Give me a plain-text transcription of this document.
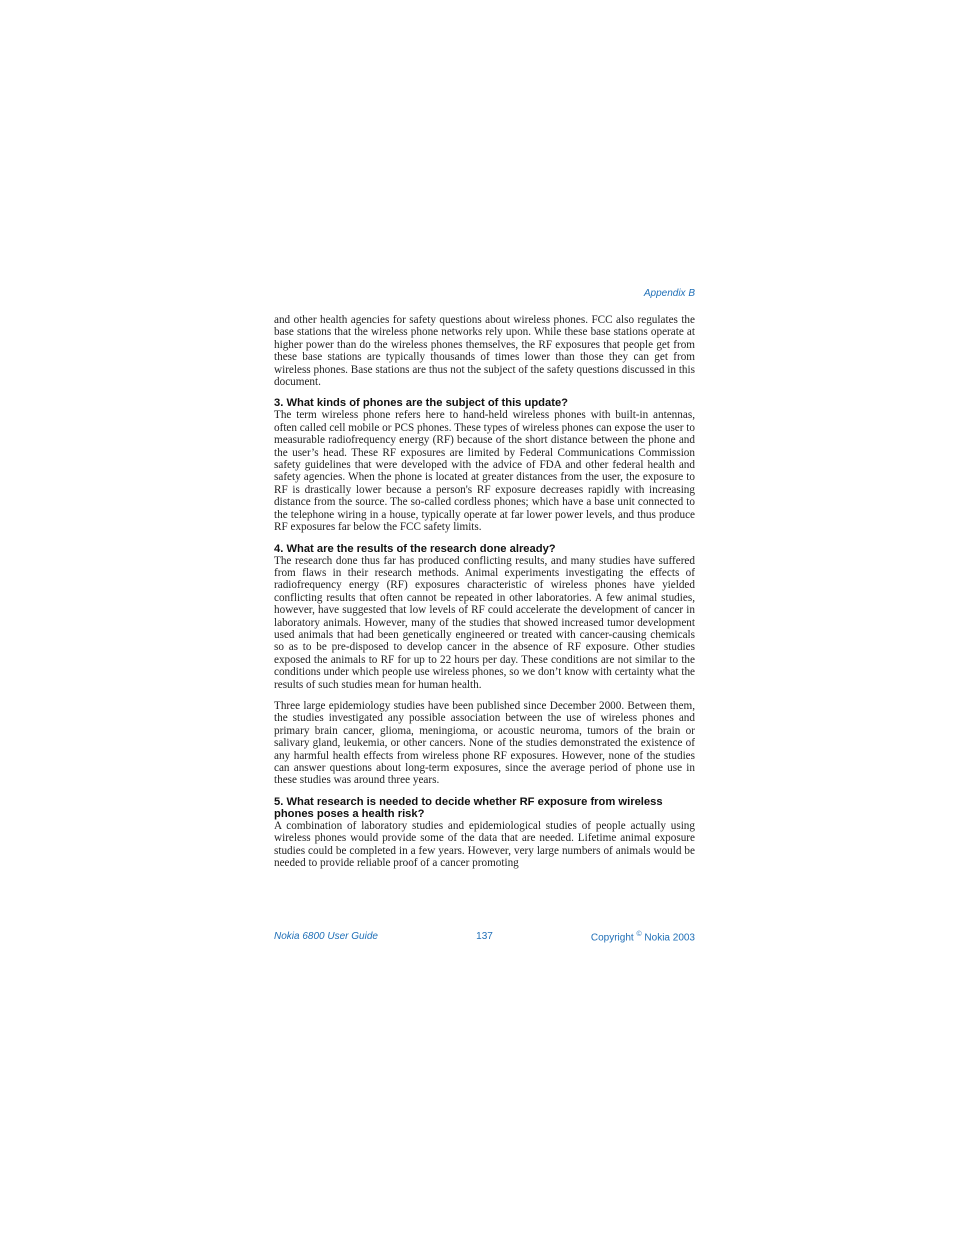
Appendix B

and other health agencies for safety questions about wireless phones. FCC also regulates the base stations that the wireless phone networks rely upon. While these base stations operate at higher power than do the wireless phones themselves, the RF exposures that people get from these base stations are typically thousands of times lower than those they can get from wireless phones. Base stations are thus not the subject of the safety questions discussed in this document.

3. What kinds of phones are the subject of this update?

The term wireless phone refers here to hand-held wireless phones with built-in antennas, often called cell mobile or PCS phones. These types of wireless phones can expose the user to measurable radiofrequency energy (RF) because of the short distance between the phone and the user’s head. These RF exposures are limited by Federal Communications Commission safety guidelines that were developed with the advice of FDA and other federal health and safety agencies. When the phone is located at greater distances from the user, the exposure to RF is drastically lower because a person's RF exposure decreases rapidly with increasing distance from the source. The so-called cordless phones; which have a base unit connected to the telephone wiring in a house, typically operate at far lower power levels, and thus produce RF exposures far below the FCC safety limits.

4. What are the results of the research done already?

The research done thus far has produced conflicting results, and many studies have suffered from flaws in their research methods. Animal experiments investigating the effects of radiofrequency energy (RF) exposures characteristic of wireless phones have yielded conflicting results that often cannot be repeated in other laboratories. A few animal studies, however, have suggested that low levels of RF could accelerate the development of cancer in laboratory animals. However, many of the studies that showed increased tumor development used animals that had been genetically engineered or treated with cancer-causing chemicals so as to be pre-disposed to develop cancer in the absence of RF exposure. Other studies exposed the animals to RF for up to 22 hours per day. These conditions are not similar to the conditions under which people use wireless phones, so we don’t know with certainty what the results of such studies mean for human health.

Three large epidemiology studies have been published since December 2000. Between them, the studies investigated any possible association between the use of wireless phones and primary brain cancer, glioma, meningioma, or acoustic neuroma, tumors of the brain or salivary gland, leukemia, or other cancers. None of the studies demonstrated the existence of any harmful health effects from wireless phone RF exposures. However, none of the studies can answer questions about long-term exposures, since the average period of phone use in these studies was around three years.

5. What research is needed to decide whether RF exposure from wireless phones poses a health risk?

A combination of laboratory studies and epidemiological studies of people actually using wireless phones would provide some of the data that are needed. Lifetime animal exposure studies could be completed in a few years. However, very large numbers of animals would be needed to provide reliable proof of a cancer promoting

Nokia 6800 User Guide	137	Copyright © Nokia 2003
